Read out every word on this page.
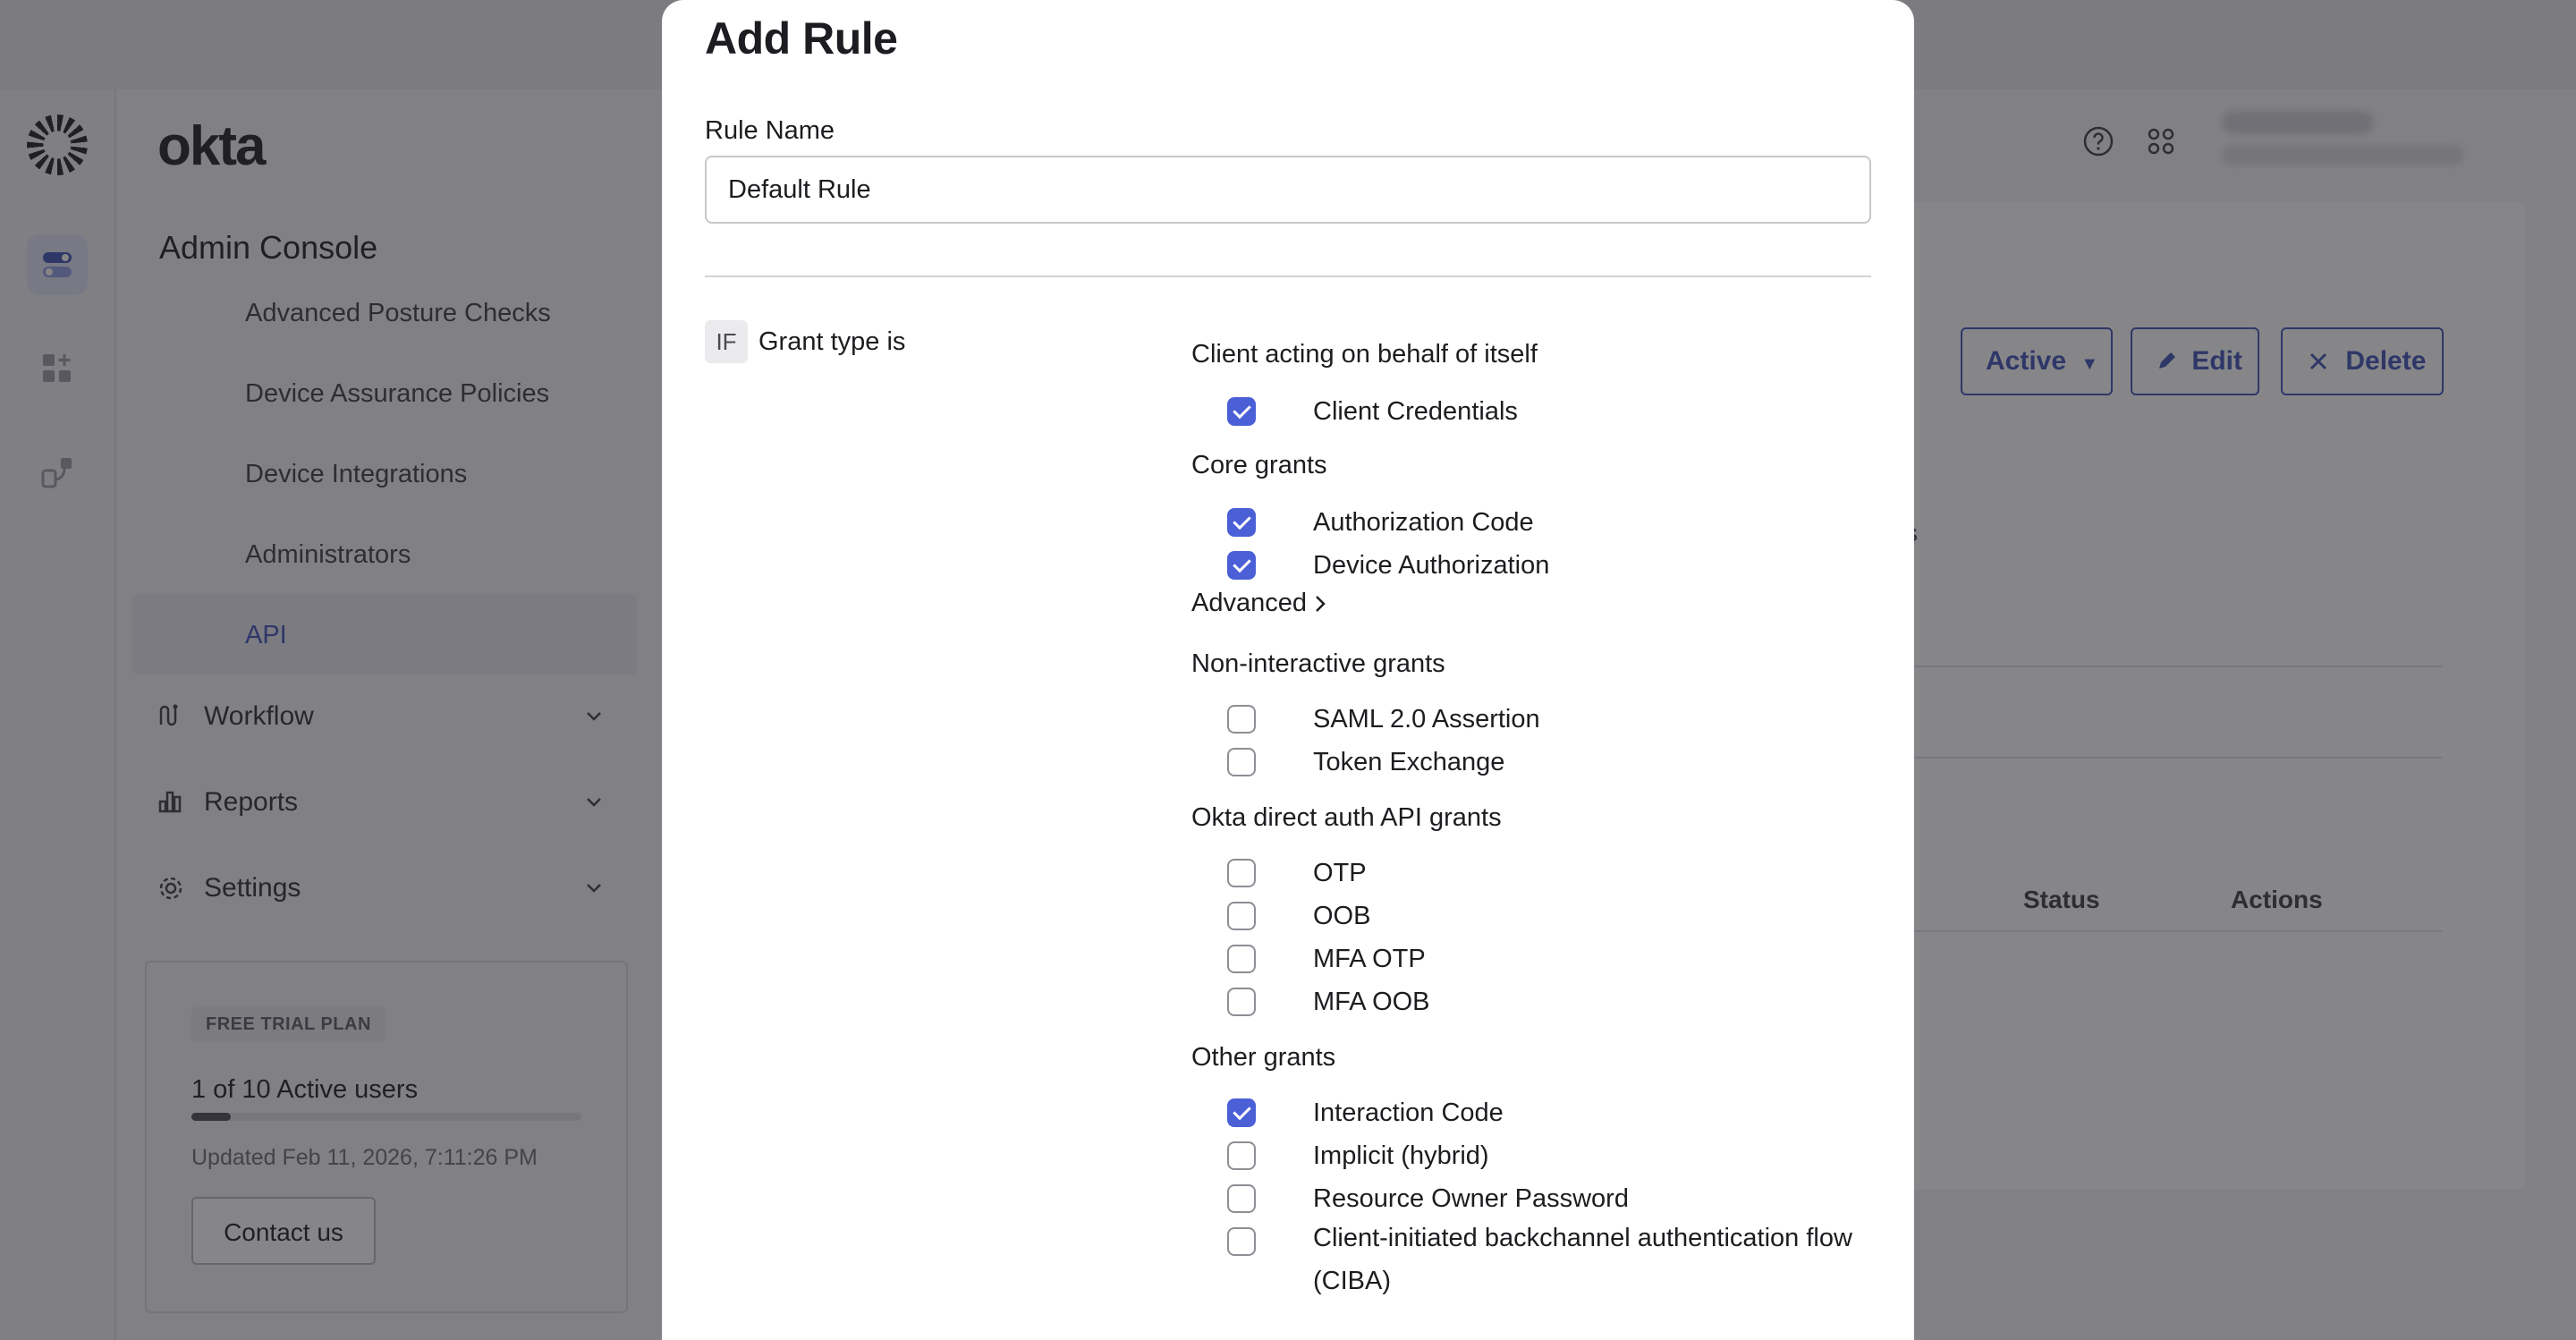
Add Rule
Rule Name
Default Rule
IF Grant type is	Client acting on behalf of itself
Client Credentials
Core grants
Authorization Code
Device Authorization
Advanced
Non-interactive grants
SAML 2.0 Assertion
Token Exchange
Okta direct auth API grants
OTP
OOB
MFA OTP
MFA OOB
Other grants
Interaction Code
Implicit (hybrid)
Resource Owner Password
Client-initiated backchannel authentication flow (CIBA)
